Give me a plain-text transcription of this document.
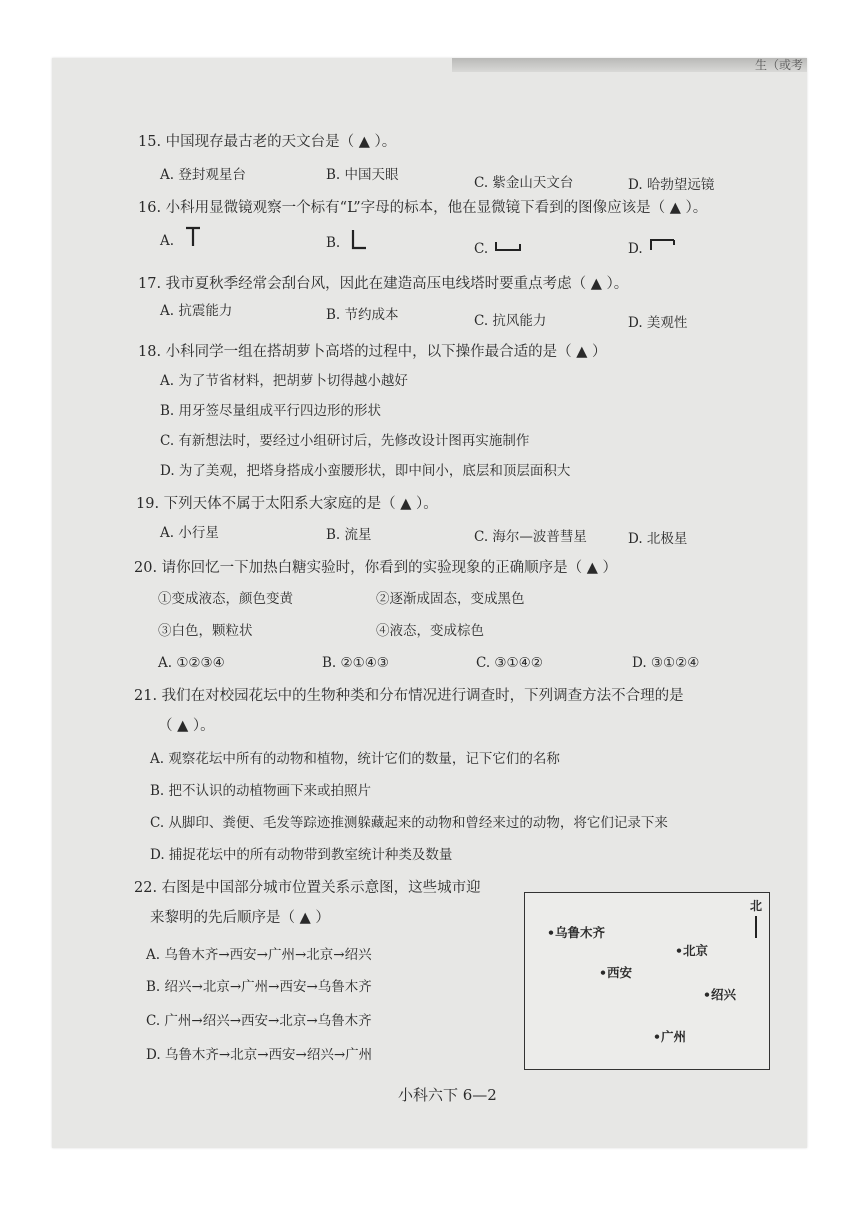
生（或考
15. 中国现存最古老的天文台是（ ▲ ）。
A. 登封观星台	B. 中国天眼	C. 紫金山天文台	D. 哈勃望远镜
16. 小科用显微镜观察一个标有“L”字母的标本，他在显微镜下看到的图像应该是（ ▲ ）。
A.	B.	C.	D.
17. 我市夏秋季经常会刮台风，因此在建造高压电线塔时要重点考虑（ ▲ ）。
A. 抗震能力	B. 节约成本	C. 抗风能力	D. 美观性
18. 小科同学一组在搭胡萝卜高塔的过程中，以下操作最合适的是（ ▲ ）
A. 为了节省材料，把胡萝卜切得越小越好
B. 用牙签尽量组成平行四边形的形状
C. 有新想法时，要经过小组研讨后，先修改设计图再实施制作
D. 为了美观，把塔身搭成小蛮腰形状，即中间小，底层和顶层面积大
19. 下列天体不属于太阳系大家庭的是（ ▲ ）。
A. 小行星	B. 流星	C. 海尔—波普彗星	D. 北极星
20. 请你回忆一下加热白糖实验时，你看到的实验现象的正确顺序是（ ▲ ）
①变成液态，颜色变黄	②逐渐成固态，变成黑色
③白色，颗粒状	④液态，变成棕色
A. ①②③④	B. ②①④③	C. ③①④②	D. ③①②④
21. 我们在对校园花坛中的生物种类和分布情况进行调查时，下列调查方法不合理的是
（ ▲ ）。
A. 观察花坛中所有的动物和植物，统计它们的数量，记下它们的名称
B. 把不认识的动植物画下来或拍照片
C. 从脚印、粪便、毛发等踪迹推测躲藏起来的动物和曾经来过的动物，将它们记录下来
D. 捕捉花坛中的所有动物带到教室统计种类及数量
22. 右图是中国部分城市位置关系示意图，这些城市迎
来黎明的先后顺序是（ ▲ ）
A. 乌鲁木齐→西安→广州→北京→绍兴
B. 绍兴→北京→广州→西安→乌鲁木齐
C. 广州→绍兴→西安→北京→乌鲁木齐
D. 乌鲁木齐→北京→西安→绍兴→广州
北
•乌鲁木齐
•北京
•西安
•绍兴
•广州
小科六下 6—2
